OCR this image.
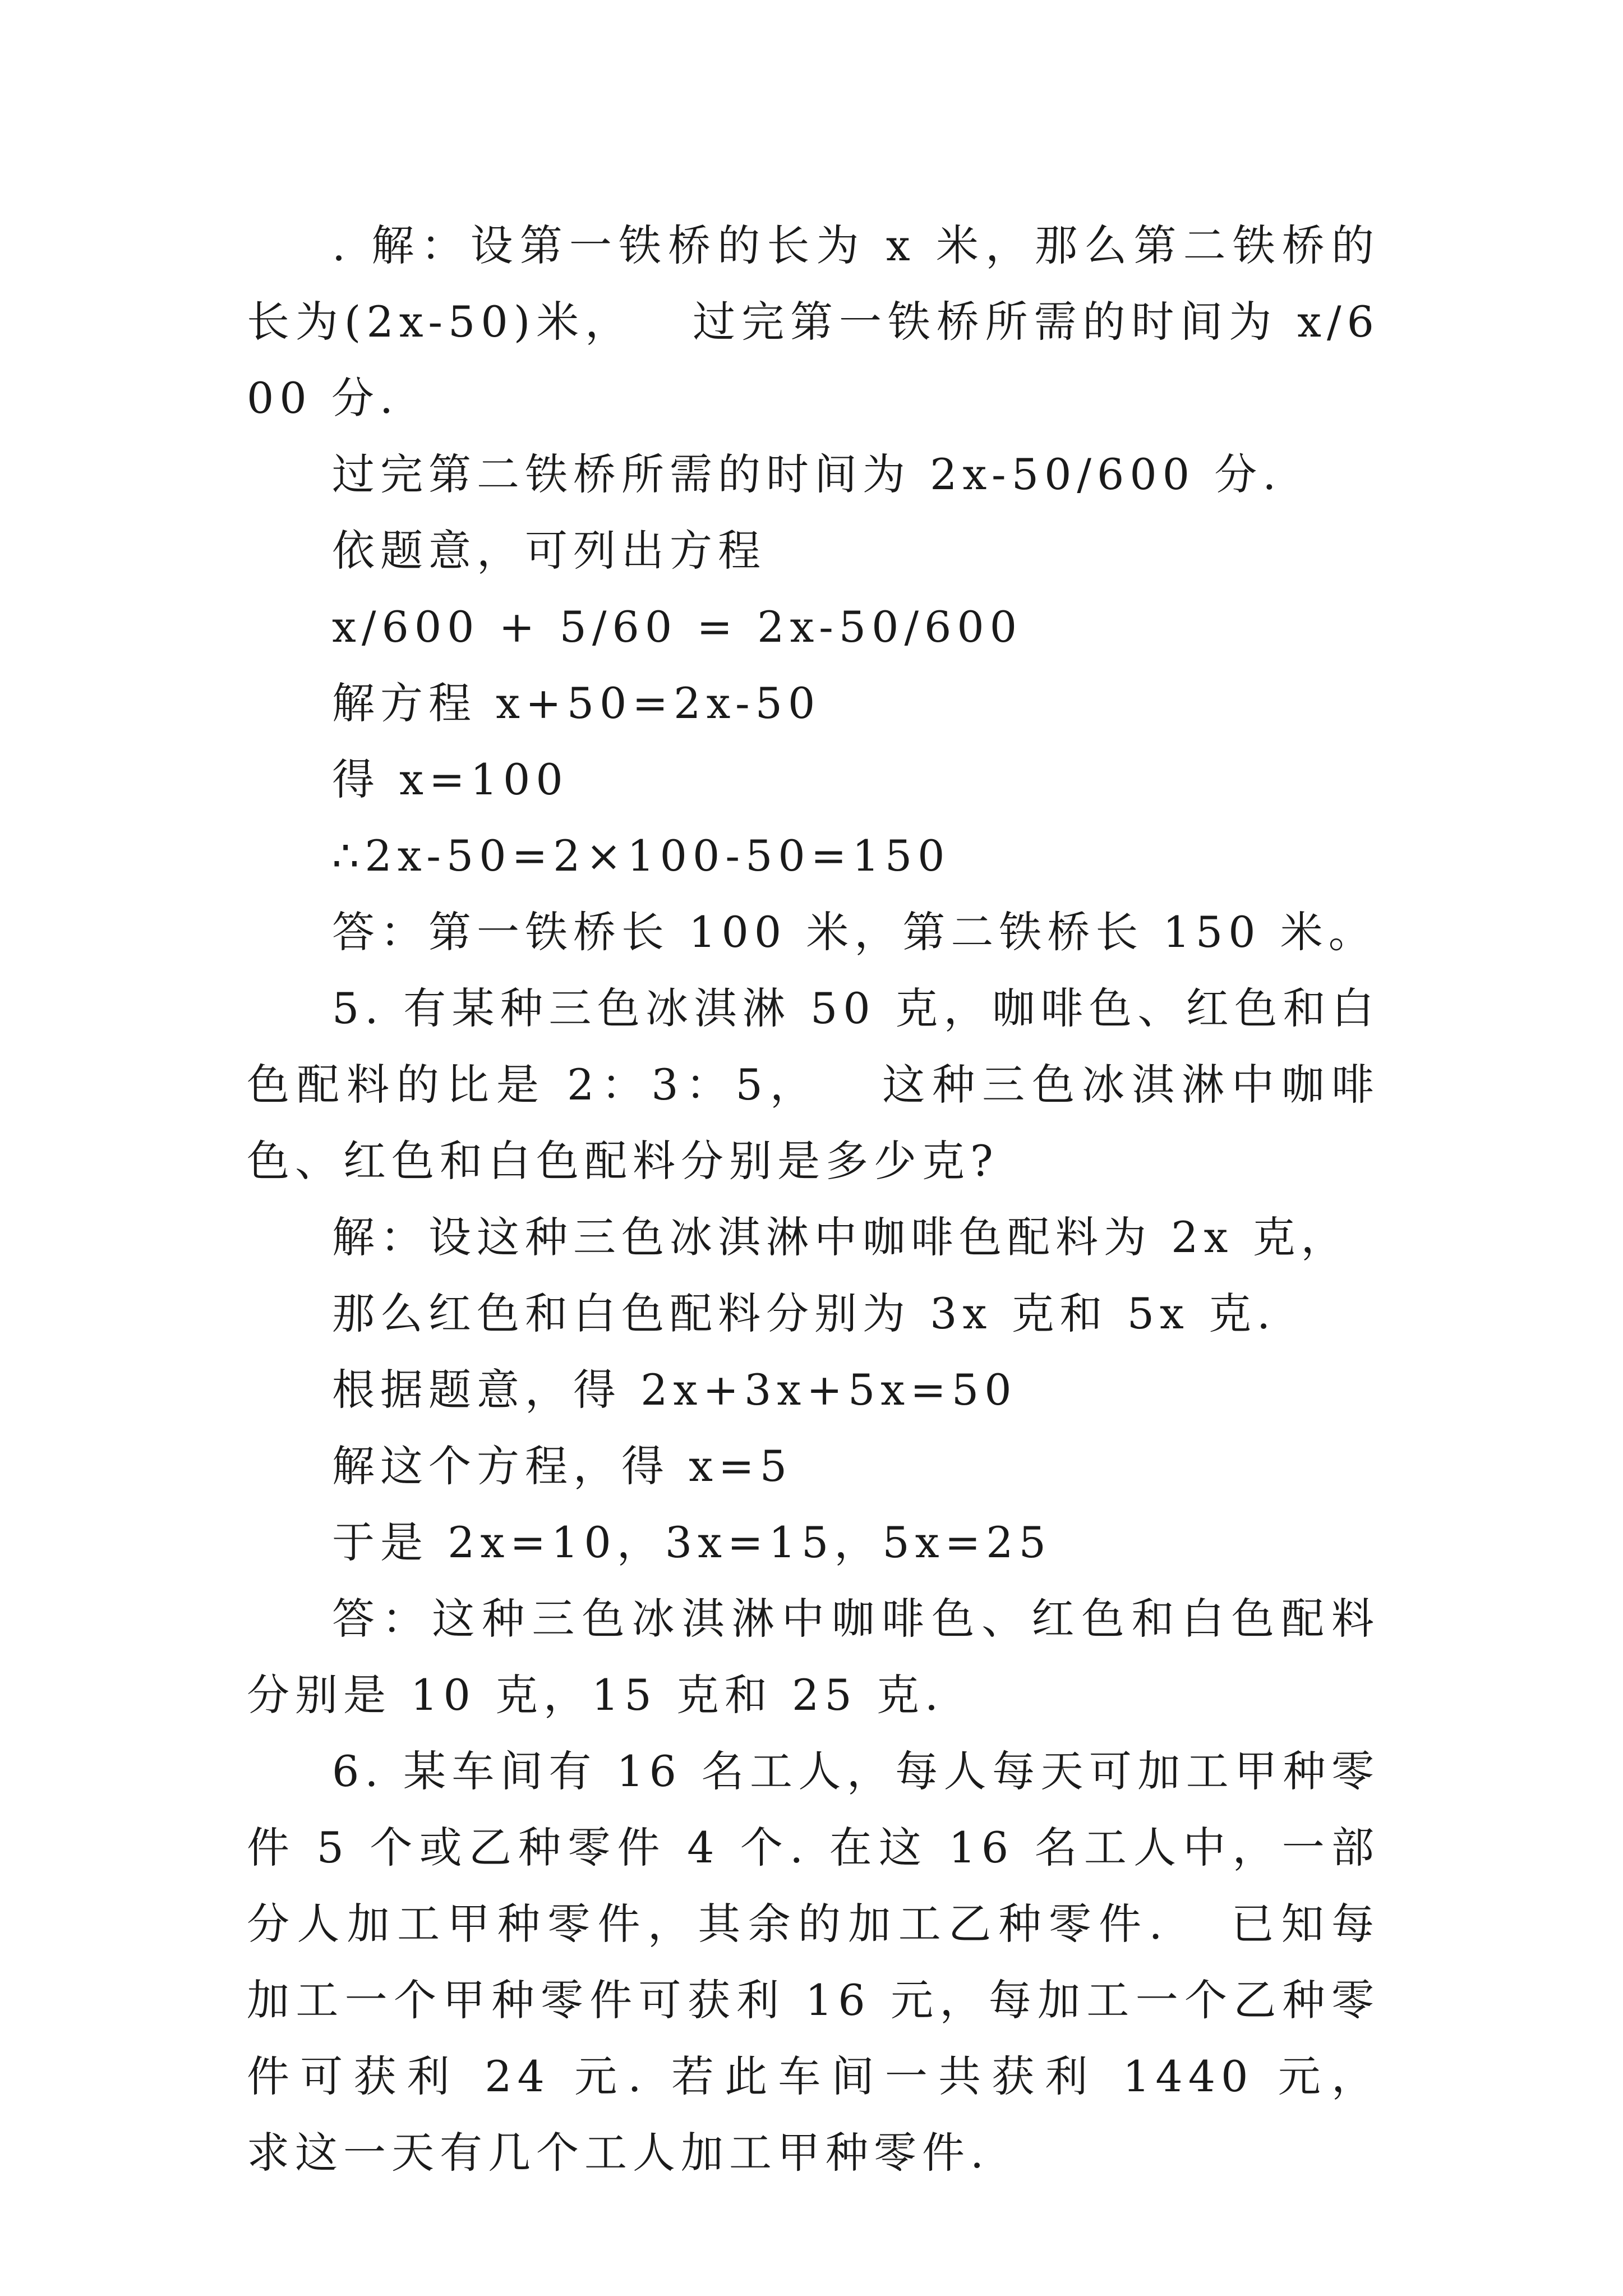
. 解：设第一铁桥的长为 x 米，那么第二铁桥的长为(2x-50)米，   过完第一铁桥所需的时间为 x/600 分.

过完第二铁桥所需的时间为 2x-50/600 分.

依题意，可列出方程

x/600 + 5/60 = 2x-50/600

解方程 x+50=2x-50

得 x=100

∴2x-50=2×100-50=150

答：第一铁桥长 100 米，第二铁桥长 150 米。

5. 有某种三色冰淇淋 50 克，咖啡色、红色和白色配料的比是 2：3：5，   这种三色冰淇淋中咖啡色、红色和白色配料分别是多少克?

解：设这种三色冰淇淋中咖啡色配料为 2x 克，

那么红色和白色配料分别为 3x 克和 5x 克.

根据题意，得 2x+3x+5x=50

解这个方程，得 x=5

于是 2x=10，3x=15，5x=25

答：这种三色冰淇淋中咖啡色、红色和白色配料分别是 10 克，15 克和 25 克.

6. 某车间有 16 名工人，每人每天可加工甲种零件 5 个或乙种零件 4 个. 在这 16 名工人中，一部分人加工甲种零件，其余的加工乙种零件.   已知每加工一个甲种零件可获利 16 元，每加工一个乙种零件可获利 24 元. 若此车间一共获利 1440 元，   求这一天有几个工人加工甲种零件.
